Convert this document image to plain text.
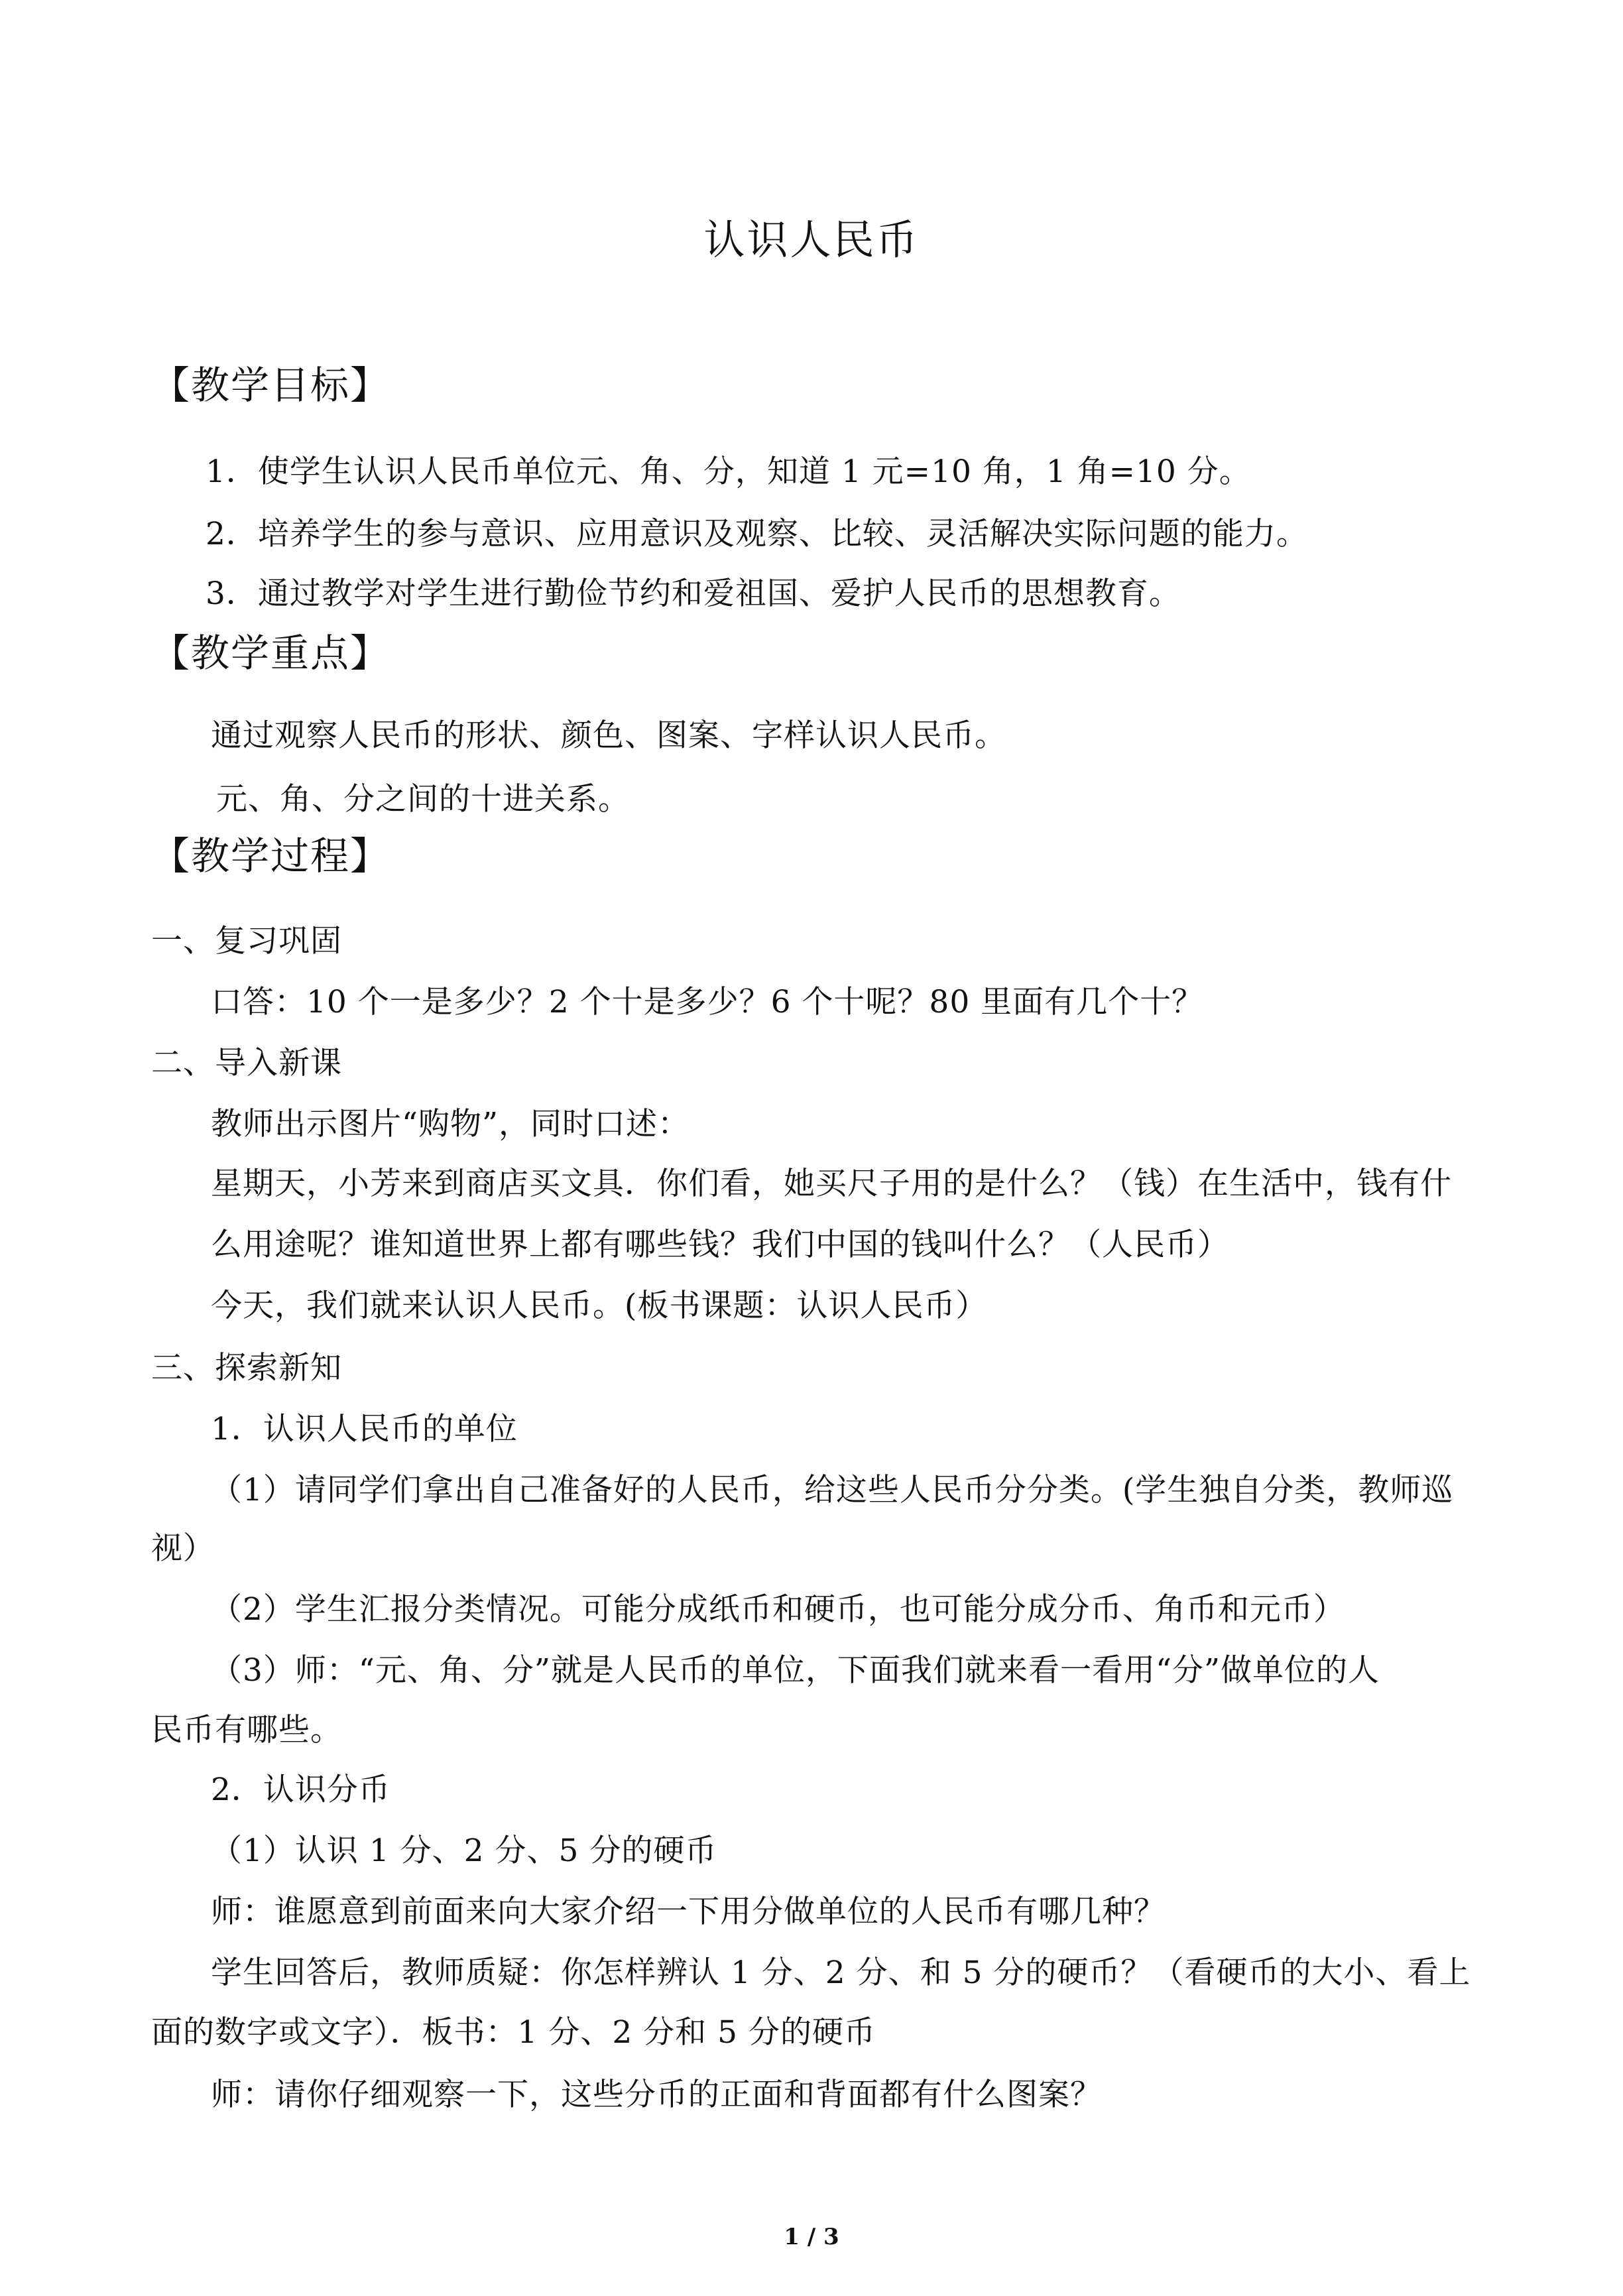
认识人民币
【教学目标】
1．使学生认识人民币单位元、角、分，知道 1 元=10 角，1 角=10 分。
2．培养学生的参与意识、应用意识及观察、比较、灵活解决实际问题的能力。
3．通过教学对学生进行勤俭节约和爱祖国、爱护人民币的思想教育。
【教学重点】
通过观察人民币的形状、颜色、图案、字样认识人民币。
元、角、分之间的十进关系。
【教学过程】
一、复习巩固
口答：10 个一是多少？2 个十是多少？6 个十呢？80 里面有几个十？
二、导入新课
教师出示图片“购物”，同时口述：
星期天，小芳来到商店买文具．你们看，她买尺子用的是什么？（钱）在生活中，钱有什
么用途呢？谁知道世界上都有哪些钱？我们中国的钱叫什么？（人民币）
今天，我们就来认识人民币。(板书课题：认识人民币）
三、探索新知
1．认识人民币的单位
（1）请同学们拿出自己准备好的人民币，给这些人民币分分类。(学生独自分类，教师巡
视）
（2）学生汇报分类情况。可能分成纸币和硬币，也可能分成分币、角币和元币）
（3）师：“元、角、分”就是人民币的单位，下面我们就来看一看用“分”做单位的人
民币有哪些。
2．认识分币
（1）认识 1 分、2 分、5 分的硬币
师：谁愿意到前面来向大家介绍一下用分做单位的人民币有哪几种？
学生回答后，教师质疑：你怎样辨认 1 分、2 分、和 5 分的硬币？（看硬币的大小、看上
面的数字或文字）．板书：1 分、2 分和 5 分的硬币
师：请你仔细观察一下，这些分币的正面和背面都有什么图案？
1 / 3
